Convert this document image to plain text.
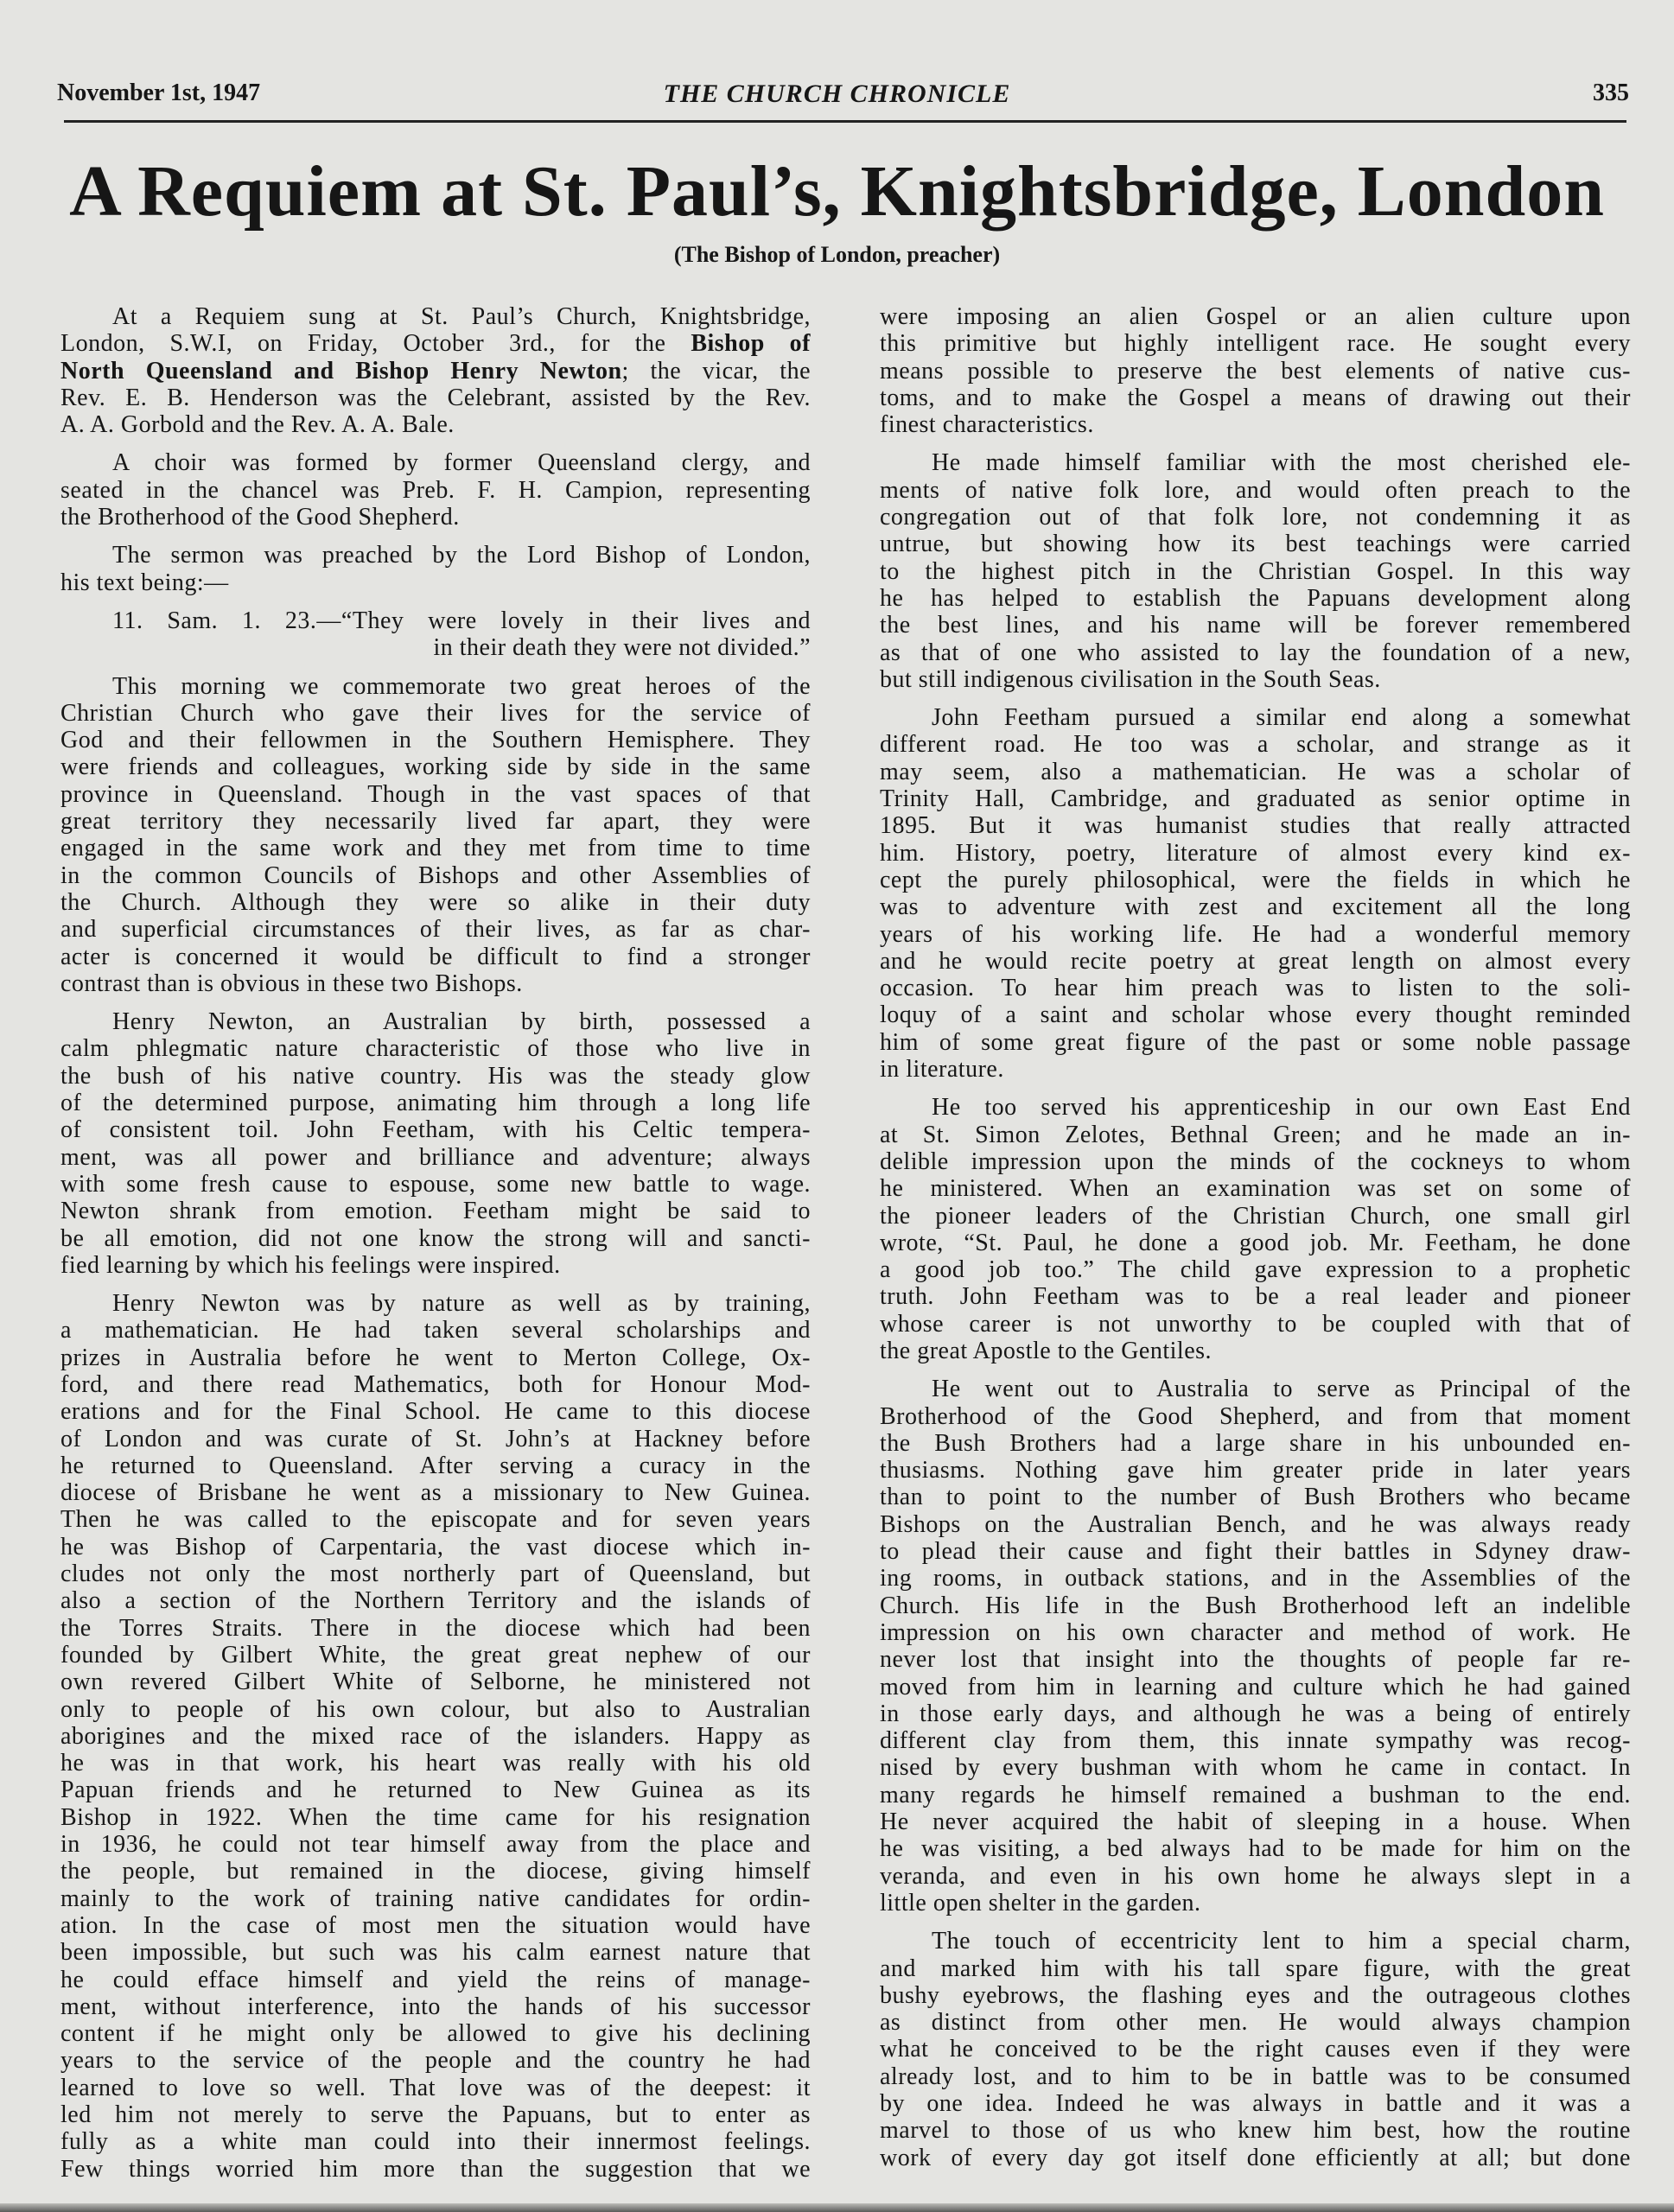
November 1st, 1947	THE CHURCH CHRONICLE	335
A Requiem at St. Paul’s, Knightsbridge, London
(The Bishop of London, preacher)
At a Requiem sung at St. Paul’s Church, Knightsbridge,
London, S.W.I, on Friday, October 3rd., for the Bishop of
North Queensland and Bishop Henry Newton; the vicar, the
Rev. E. B. Henderson was the Celebrant, assisted by the Rev.
A. A. Gorbold and the Rev. A. A. Bale.
A choir was formed by former Queensland clergy, and
seated in the chancel was Preb. F. H. Campion, representing
the Brotherhood of the Good Shepherd.
The sermon was preached by the Lord Bishop of London,
his text being:—
11. Sam. 1. 23.—“They were lovely in their lives and
in their death they were not divided.”
This morning we commemorate two great heroes of the
Christian Church who gave their lives for the service of
God and their fellowmen in the Southern Hemisphere. They
were friends and colleagues, working side by side in the same
province in Queensland. Though in the vast spaces of that
great territory they necessarily lived far apart, they were
engaged in the same work and they met from time to time
in the common Councils of Bishops and other Assemblies of
the Church. Although they were so alike in their duty
and superficial circumstances of their lives, as far as char-
acter is concerned it would be difficult to find a stronger
contrast than is obvious in these two Bishops.
Henry Newton, an Australian by birth, possessed a
calm phlegmatic nature characteristic of those who live in
the bush of his native country. His was the steady glow
of the determined purpose, animating him through a long life
of consistent toil. John Feetham, with his Celtic tempera-
ment, was all power and brilliance and adventure; always
with some fresh cause to espouse, some new battle to wage.
Newton shrank from emotion. Feetham might be said to
be all emotion, did not one know the strong will and sancti-
fied learning by which his feelings were inspired.
Henry Newton was by nature as well as by training,
a mathematician. He had taken several scholarships and
prizes in Australia before he went to Merton College, Ox-
ford, and there read Mathematics, both for Honour Mod-
erations and for the Final School. He came to this diocese
of London and was curate of St. John’s at Hackney before
he returned to Queensland. After serving a curacy in the
diocese of Brisbane he went as a missionary to New Guinea.
Then he was called to the episcopate and for seven years
he was Bishop of Carpentaria, the vast diocese which in-
cludes not only the most northerly part of Queensland, but
also a section of the Northern Territory and the islands of
the Torres Straits. There in the diocese which had been
founded by Gilbert White, the great great nephew of our
own revered Gilbert White of Selborne, he ministered not
only to people of his own colour, but also to Australian
aborigines and the mixed race of the islanders. Happy as
he was in that work, his heart was really with his old
Papuan friends and he returned to New Guinea as its
Bishop in 1922. When the time came for his resignation
in 1936, he could not tear himself away from the place and
the people, but remained in the diocese, giving himself
mainly to the work of training native candidates for ordin-
ation. In the case of most men the situation would have
been impossible, but such was his calm earnest nature that
he could efface himself and yield the reins of manage-
ment, without interference, into the hands of his successor
content if he might only be allowed to give his declining
years to the service of the people and the country he had
learned to love so well. That love was of the deepest: it
led him not merely to serve the Papuans, but to enter as
fully as a white man could into their innermost feelings.
Few things worried him more than the suggestion that we
were imposing an alien Gospel or an alien culture upon
this primitive but highly intelligent race. He sought every
means possible to preserve the best elements of native cus-
toms, and to make the Gospel a means of drawing out their
finest characteristics.
He made himself familiar with the most cherished ele-
ments of native folk lore, and would often preach to the
congregation out of that folk lore, not condemning it as
untrue, but showing how its best teachings were carried
to the highest pitch in the Christian Gospel. In this way
he has helped to establish the Papuans development along
the best lines, and his name will be forever remembered
as that of one who assisted to lay the foundation of a new,
but still indigenous civilisation in the South Seas.
John Feetham pursued a similar end along a somewhat
different road. He too was a scholar, and strange as it
may seem, also a mathematician. He was a scholar of
Trinity Hall, Cambridge, and graduated as senior optime in
1895. But it was humanist studies that really attracted
him. History, poetry, literature of almost every kind ex-
cept the purely philosophical, were the fields in which he
was to adventure with zest and excitement all the long
years of his working life. He had a wonderful memory
and he would recite poetry at great length on almost every
occasion. To hear him preach was to listen to the soli-
loquy of a saint and scholar whose every thought reminded
him of some great figure of the past or some noble passage
in literature.
He too served his apprenticeship in our own East End
at St. Simon Zelotes, Bethnal Green; and he made an in-
delible impression upon the minds of the cockneys to whom
he ministered. When an examination was set on some of
the pioneer leaders of the Christian Church, one small girl
wrote, “St. Paul, he done a good job. Mr. Feetham, he done
a good job too.” The child gave expression to a prophetic
truth. John Feetham was to be a real leader and pioneer
whose career is not unworthy to be coupled with that of
the great Apostle to the Gentiles.
He went out to Australia to serve as Principal of the
Brotherhood of the Good Shepherd, and from that moment
the Bush Brothers had a large share in his unbounded en-
thusiasms. Nothing gave him greater pride in later years
than to point to the number of Bush Brothers who became
Bishops on the Australian Bench, and he was always ready
to plead their cause and fight their battles in Sdyney draw-
ing rooms, in outback stations, and in the Assemblies of the
Church. His life in the Bush Brotherhood left an indelible
impression on his own character and method of work. He
never lost that insight into the thoughts of people far re-
moved from him in learning and culture which he had gained
in those early days, and although he was a being of entirely
different clay from them, this innate sympathy was recog-
nised by every bushman with whom he came in contact. In
many regards he himself remained a bushman to the end.
He never acquired the habit of sleeping in a house. When
he was visiting, a bed always had to be made for him on the
veranda, and even in his own home he always slept in a
little open shelter in the garden.
The touch of eccentricity lent to him a special charm,
and marked him with his tall spare figure, with the great
bushy eyebrows, the flashing eyes and the outrageous clothes
as distinct from other men. He would always champion
what he conceived to be the right causes even if they were
already lost, and to him to be in battle was to be consumed
by one idea. Indeed he was always in battle and it was a
marvel to those of us who knew him best, how the routine
work of every day got itself done efficiently at all; but done
